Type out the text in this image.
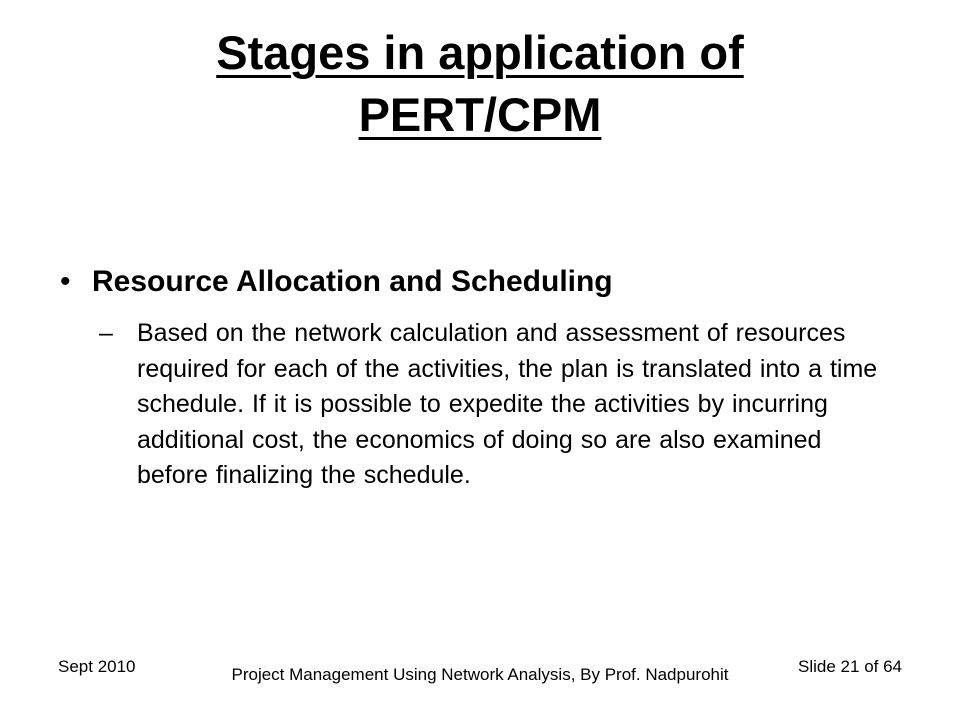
Stages in application of
PERT/CPM
• Resource Allocation and Scheduling
– Based on the network calculation and assessment of resources required for each of the activities, the plan is translated into a time schedule. If it is possible to expedite the activities by incurring additional cost, the economics of doing so are also examined before finalizing the schedule.
Sept 2010	Project Management Using Network Analysis, By Prof. Nadpurohit	Slide 21 of 64
